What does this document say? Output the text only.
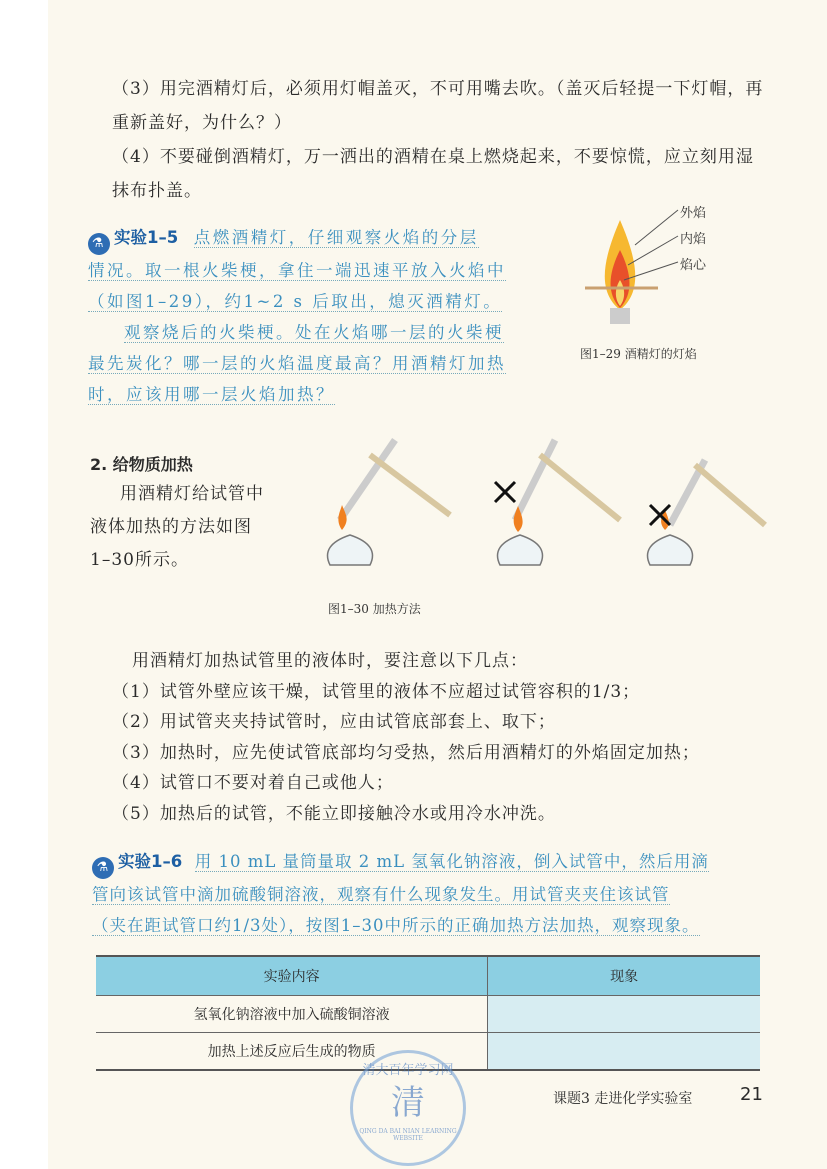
（3）用完酒精灯后，必须用灯帽盖灭，不可用嘴去吹。（盖灭后轻提一下灯帽，再重新盖好，为什么？）
（4）不要碰倒酒精灯，万一洒出的酒精在桌上燃烧起来，不要惊慌，应立刻用湿抹布扑盖。
⚗ 实验1–5 点燃酒精灯，仔细观察火焰的分层
情况。取一根火柴梗，拿住一端迅速平放入火焰中
（如图1–29），约1~2 s 后取出，熄灭酒精灯。
观察烧后的火柴梗。处在火焰哪一层的火柴梗
最先炭化？哪一层的火焰温度最高？用酒精灯加热
时，应该用哪一层火焰加热？
外焰
内焰
焰心
图1–29 酒精灯的灯焰
2. 给物质加热
用酒精灯给试管中
液体加热的方法如图
1–30所示。
图1–30 加热方法
用酒精灯加热试管里的液体时，要注意以下几点：
（1）试管外壁应该干燥，试管里的液体不应超过试管容积的1/3；
（2）用试管夹夹持试管时，应由试管底部套上、取下；
（3）加热时，应先使试管底部均匀受热，然后用酒精灯的外焰固定加热；
（4）试管口不要对着自己或他人；
（5）加热后的试管，不能立即接触冷水或用冷水冲洗。
⚗ 实验1–6 用 10 mL 量筒量取 2 mL 氢氧化钠溶液，倒入试管中，然后用滴
管向该试管中滴加硫酸铜溶液，观察有什么现象发生。用试管夹夹住该试管
（夹在距试管口约1/3处），按图1–30中所示的正确加热方法加热，观察现象。
实验内容	现象
氢氧化钠溶液中加入硫酸铜溶液	
加热上述反应后生成的物质	
清大百年学习网
清
QING DA BAI NIAN LEARNING WEBSITE
课题3 走进化学实验室	21
